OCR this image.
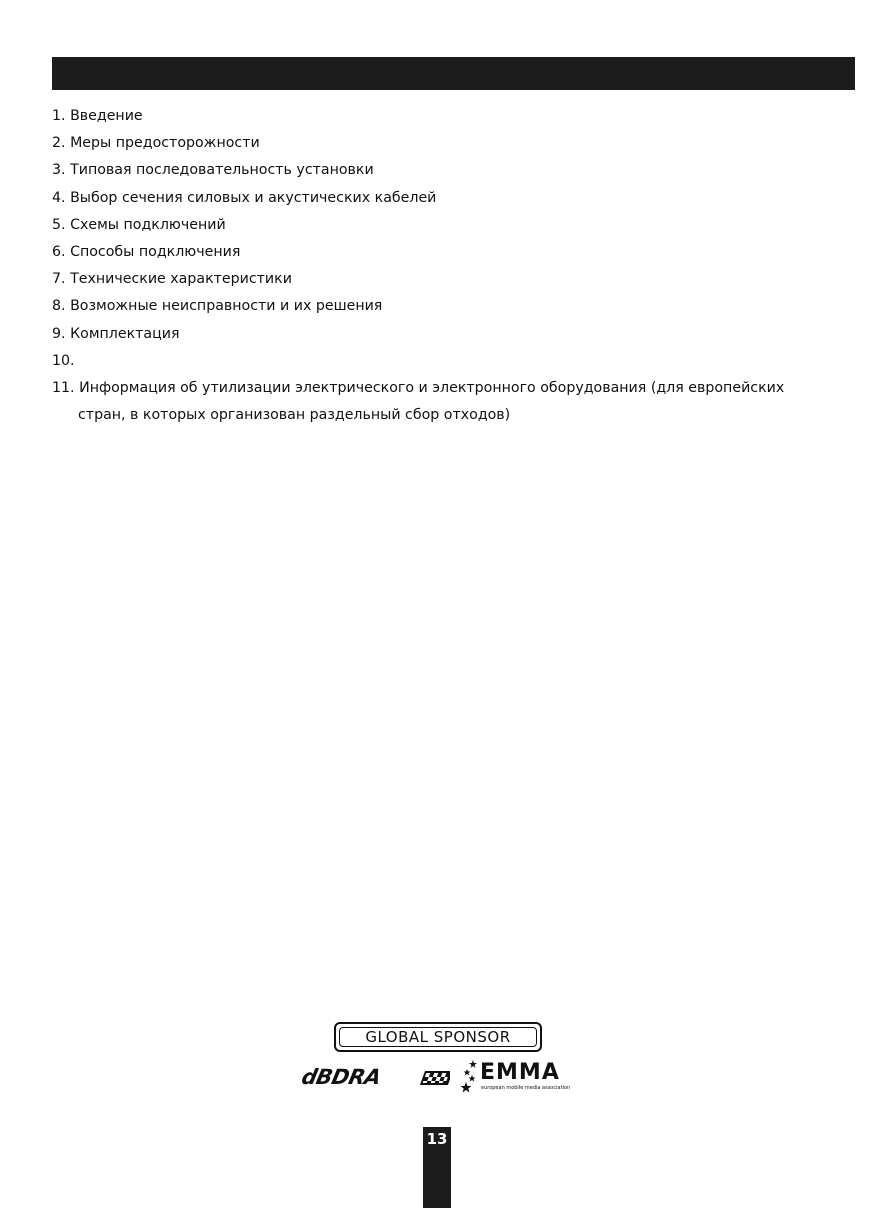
1. Введение
2. Меры предосторожности
3. Типовая последовательность установки
4. Выбор сечения силовых и акустических кабелей
5. Схемы подключений
6. Способы подключения
7. Технические характеристики
8. Возможные неисправности и их решения
9. Комплектация
10.
11. Информация об утилизации электрического и электронного оборудования (для европейских стран, в которых организован раздельный сбор отходов)
GLOBAL SPONSOR
dBDRA	EMMA
european mobile media association
13
